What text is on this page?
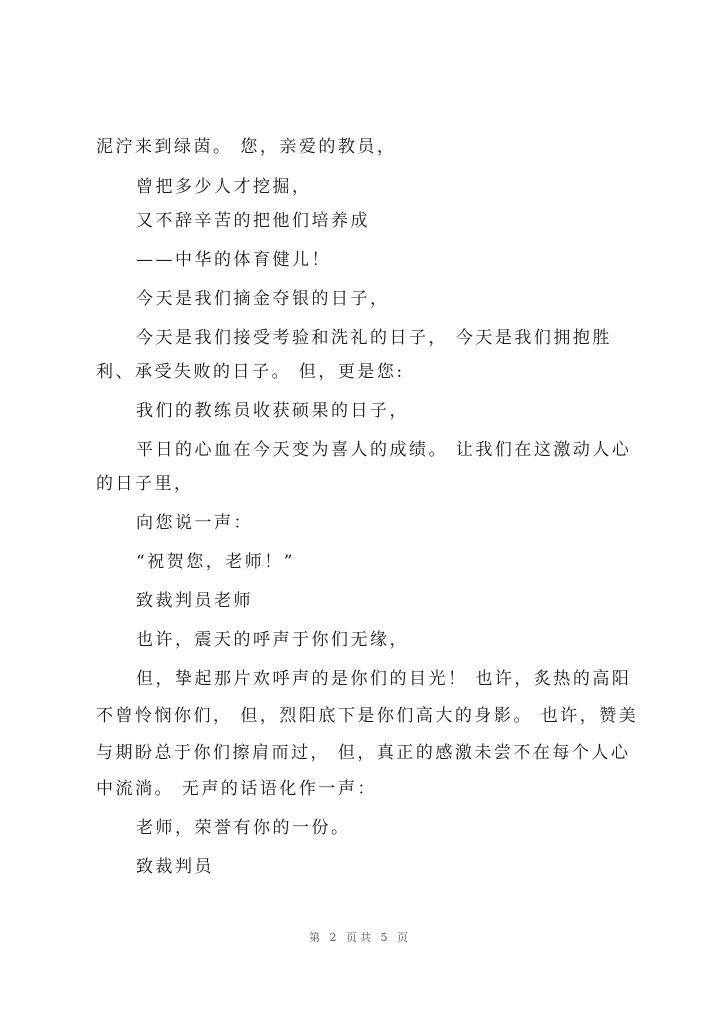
泥泞来到绿茵。 您，亲爱的教员，
曾把多少人才挖掘，
又不辞辛苦的把他们培养成
——中华的体育健儿！
今天是我们摘金夺银的日子，
今天是我们接受考验和洗礼的日子， 今天是我们拥抱胜
利、承受失败的日子。 但，更是您:
我们的教练员收获硕果的日子，
平日的心血在今天变为喜人的成绩。 让我们在这激动人心
的日子里，
向您说一声：
“祝贺您，老师！”
致裁判员老师
也许，震天的呼声于你们无缘，
但，挚起那片欢呼声的是你们的目光！ 也许，炙热的高阳
不曾怜悯你们， 但，烈阳底下是你们高大的身影。 也许，赞美
与期盼总于你们擦肩而过， 但，真正的感激未尝不在每个人心
中流淌。 无声的话语化作一声：
老师，荣誉有你的一份。
致裁判员
第 2 页共 5 页
